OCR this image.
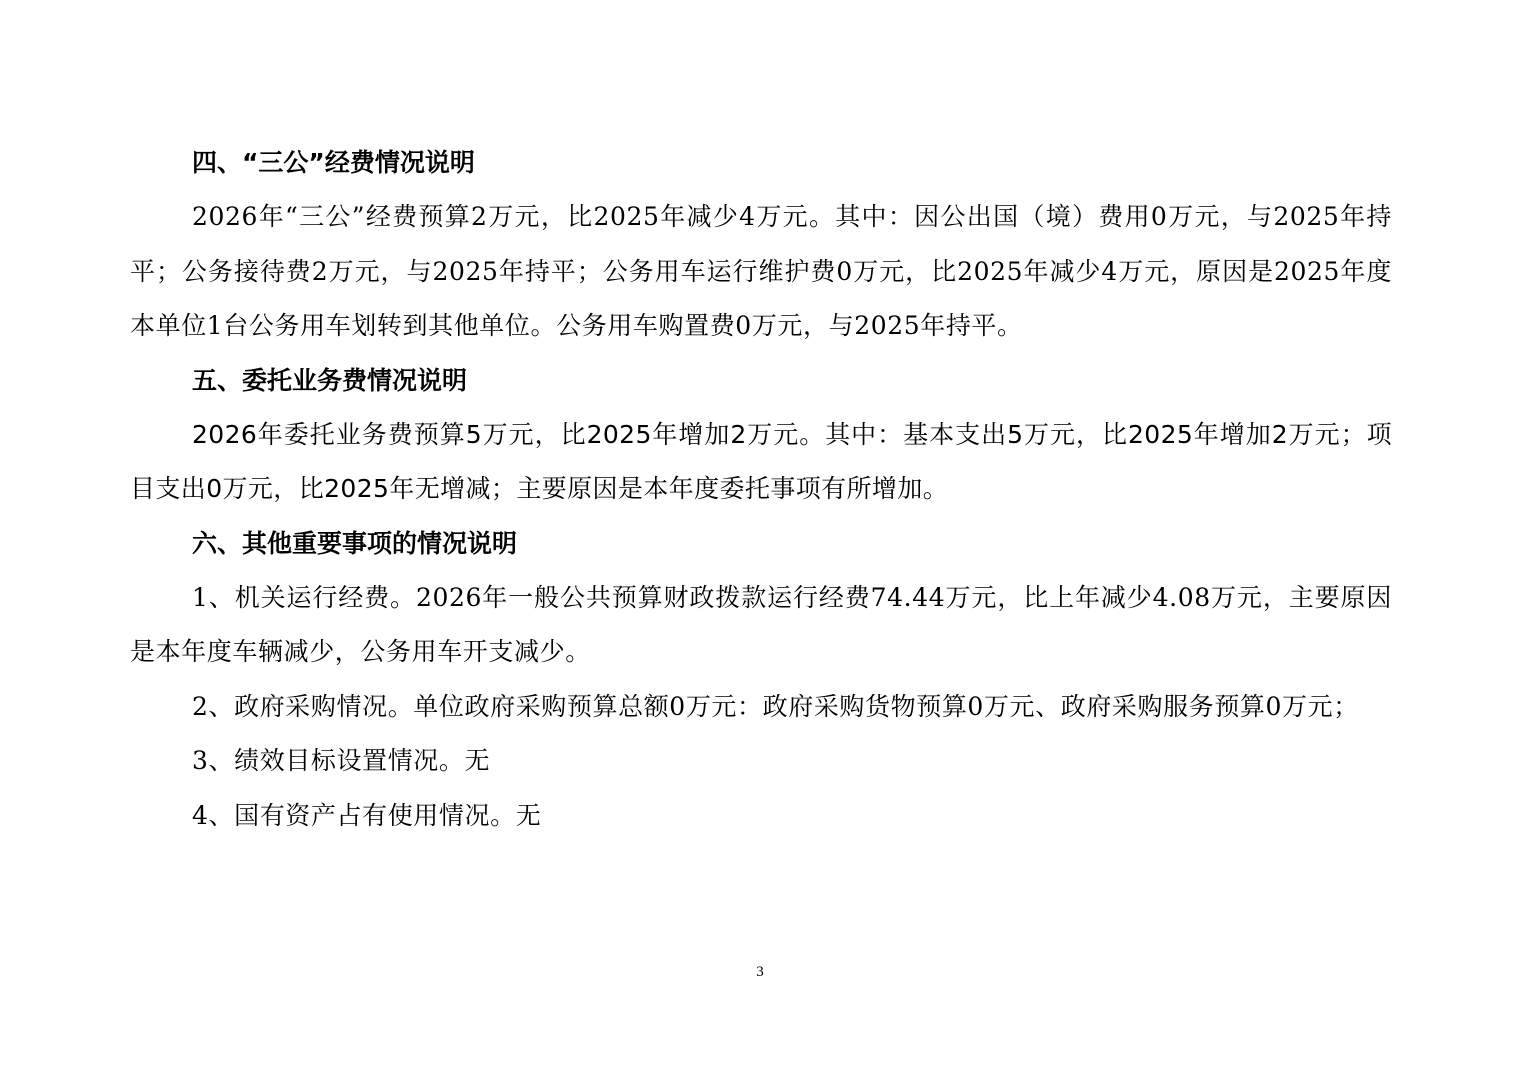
四、“三公”经费情况说明
2026年“三公”经费预算2万元，比2025年减少4万元。其中：因公出国（境）费用0万元，与2025年持平；公务接待费2万元，与2025年持平；公务用车运行维护费0万元，比2025年减少4万元，原因是2025年度本单位1台公务用车划转到其他单位。公务用车购置费0万元，与2025年持平。
五、委托业务费情况说明
2026年委托业务费预算5万元，比2025年增加2万元。其中：基本支出5万元，比2025年增加2万元；项目支出0万元，比2025年无增减；主要原因是本年度委托事项有所增加。
六、其他重要事项的情况说明
1、机关运行经费。2026年一般公共预算财政拨款运行经费74.44万元，比上年减少4.08万元，主要原因是本年度车辆减少，公务用车开支减少。
2、政府采购情况。单位政府采购预算总额0万元：政府采购货物预算0万元、政府采购服务预算0万元；
3、绩效目标设置情况。无
4、国有资产占有使用情况。无
3
